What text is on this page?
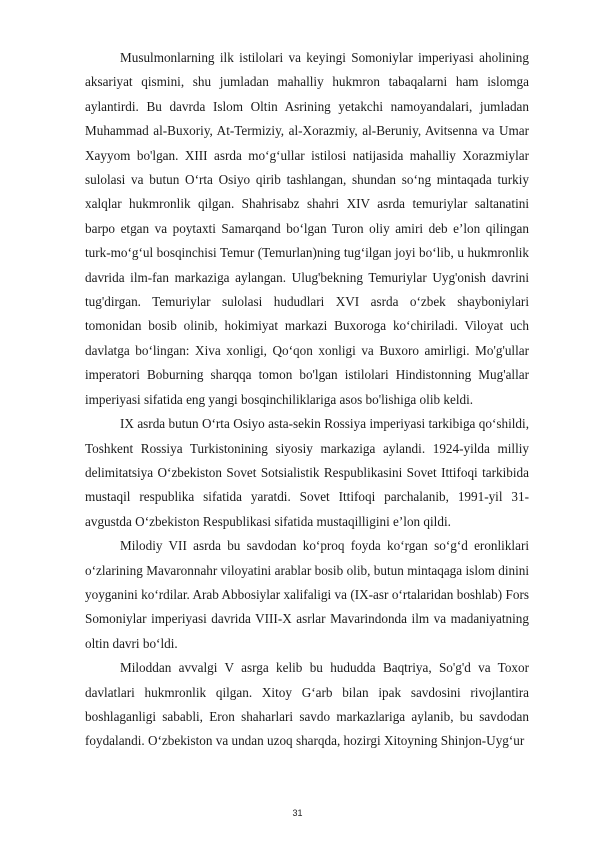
Musulmonlarning ilk istilolari va keyingi Somoniylar imperiyasi aholining aksariyat qismini, shu jumladan mahalliy hukmron tabaqalarni ham islomga aylantirdi. Bu davrda Islom Oltin Asrining yetakchi namoyandalari, jumladan Muhammad al-Buxoriy, At-Termiziy, al-Xorazmiy, al-Beruniy, Avitsenna va Umar Xayyom bo'lgan. XIII asrda mo‘g‘ullar istilosi natijasida mahalliy Xorazmiylar sulolasi va butun O‘rta Osiyo qirib tashlangan, shundan so‘ng mintaqada turkiy xalqlar hukmronlik qilgan. Shahrisabz shahri XIV asrda temuriylar saltanatini barpo etgan va poytaxti Samarqand bo‘lgan Turon oliy amiri deb e’lon qilingan turk-mo‘g‘ul bosqinchisi Temur (Temurlan)ning tug‘ilgan joyi bo‘lib, u hukmronlik davrida ilm-fan markaziga aylangan. Ulug'bekning Temuriylar Uyg'onish davrini tug'dirgan. Temuriylar sulolasi hududlari XVI asrda o‘zbek shayboniylari tomonidan bosib olinib, hokimiyat markazi Buxoroga ko‘chiriladi. Viloyat uch davlatga bo‘lingan: Xiva xonligi, Qo‘qon xonligi va Buxoro amirligi. Mo'g'ullar imperatori Boburning sharqqa tomon bo'lgan istilolari Hindistonning Mug'allar imperiyasi sifatida eng yangi bosqinchiliklariga asos bo'lishiga olib keldi.

IX asrda butun O‘rta Osiyo asta-sekin Rossiya imperiyasi tarkibiga qo‘shildi, Toshkent Rossiya Turkistonining siyosiy markaziga aylandi. 1924-yilda milliy delimitatsiya O‘zbekiston Sovet Sotsialistik Respublikasini Sovet Ittifoqi tarkibida mustaqil respublika sifatida yaratdi. Sovet Ittifoqi parchalanib, 1991-yil 31-avgustda O‘zbekiston Respublikasi sifatida mustaqilligini e’lon qildi.

Milodiy VII asrda bu savdodan ko‘proq foyda ko‘rgan so‘g‘d eronliklari o‘zlarining Mavaronnahr viloyatini arablar bosib olib, butun mintaqaga islom dinini yoyganini ko‘rdilar. Arab Abbosiylar xalifaligi va (IX-asr o‘rtalaridan boshlab) Fors Somoniylar imperiyasi davrida VIII-X asrlar Mavarindonda ilm va madaniyatning oltin davri bo‘ldi.

Miloddan avvalgi V asrga kelib bu hududda Baqtriya, So'g'd va Toxor davlatlari hukmronlik qilgan. Xitoy G‘arb bilan ipak savdosini rivojlantira boshlaganligi sababli, Eron shaharlari savdo markazlariga aylanib, bu savdodan foydalandi. O‘zbekiston va undan uzoq sharqda, hozirgi Xitoyning Shinjon-Uyg‘ur

31
